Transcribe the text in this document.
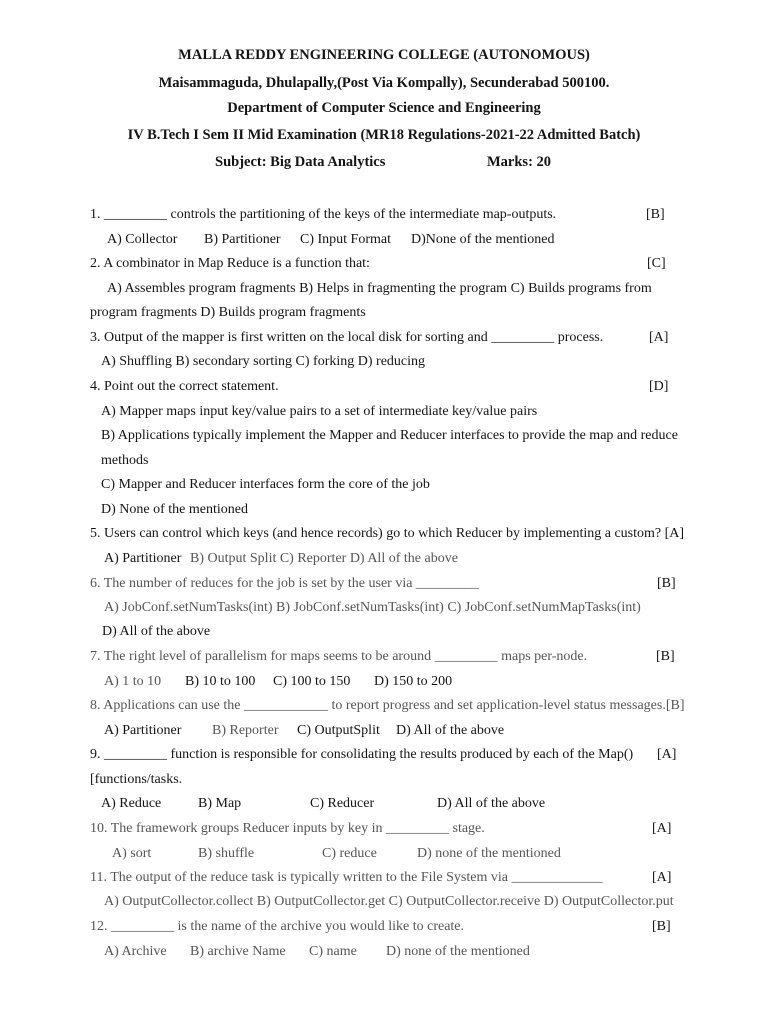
MALLA REDDY ENGINEERING COLLEGE (AUTONOMOUS)
Maisammaguda, Dhulapally,(Post Via Kompally), Secunderabad 500100.
Department of Computer Science and Engineering
IV B.Tech I Sem II Mid Examination (MR18 Regulations-2021-22 Admitted Batch)
Subject: Big Data Analytics	Marks: 20
1. _________ controls the partitioning of the keys of the intermediate map-outputs.	[B]
A) Collector B) Partitioner C) Input Format D)None of the mentioned
2. A combinator in Map Reduce is a function that:	[C]
A) Assembles program fragments B) Helps in fragmenting the program C) Builds programs from
program fragments D) Builds program fragments
3. Output of the mapper is first written on the local disk for sorting and _________ process.	[A]
A) Shuffling B) secondary sorting C) forking D) reducing
4. Point out the correct statement.	[D]
A) Mapper maps input key/value pairs to a set of intermediate key/value pairs
B) Applications typically implement the Mapper and Reducer interfaces to provide the map and reduce
methods
C) Mapper and Reducer interfaces form the core of the job
D) None of the mentioned
5. Users can control which keys (and hence records) go to which Reducer by implementing a custom? [A]
A) Partitioner B) Output Split C) Reporter D) All of the above
6. The number of reduces for the job is set by the user via _________	[B]
A) JobConf.setNumTasks(int) B) JobConf.setNumTasks(int) C) JobConf.setNumMapTasks(int)
D) All of the above
7. The right level of parallelism for maps seems to be around _________ maps per-node.	[B]
A) 1 to 10 B) 10 to 100 C) 100 to 150 D) 150 to 200
8. Applications can use the ____________ to report progress and set application-level status messages.[B]
A) Partitioner B) Reporter C) OutputSplit D) All of the above
9. _________ function is responsible for consolidating the results produced by each of the Map() [A]
[functions/tasks.
A) Reduce	B) Map	C) Reducer	D) All of the above
10. The framework groups Reducer inputs by key in _________ stage.	[A]
A) sort	B) shuffle	C) reduce	D) none of the mentioned
11. The output of the reduce task is typically written to the File System via _____________	[A]
A) OutputCollector.collect B) OutputCollector.get C) OutputCollector.receive D) OutputCollector.put
12. _________ is the name of the archive you would like to create.	[B]
A) Archive B) archive Name C) name D) none of the mentioned
